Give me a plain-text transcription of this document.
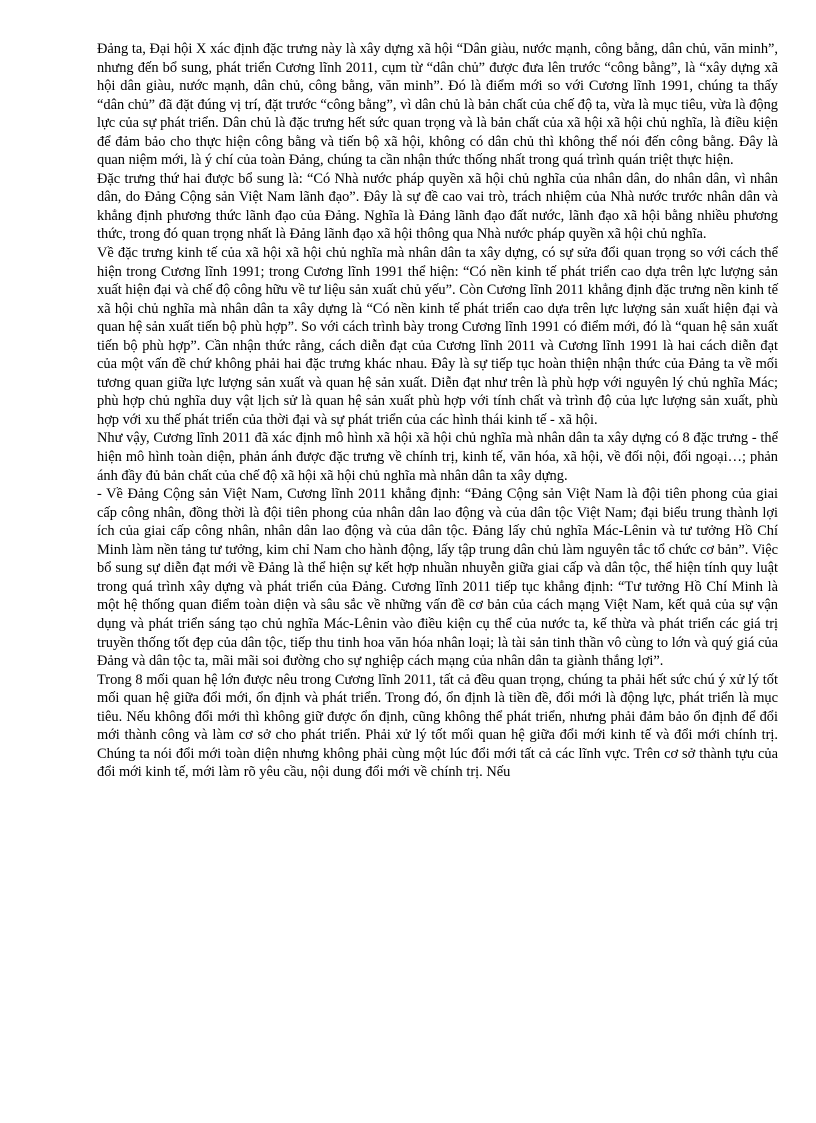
Đảng ta, Đại hội X xác định đặc trưng này là xây dựng xã hội “Dân giàu, nước mạnh, công bằng, dân chủ, văn minh”, nhưng đến bổ sung, phát triển Cương lĩnh 2011, cụm từ “dân chủ” được đưa lên trước “công bằng”, là “xây dựng xã hội dân giàu, nước mạnh, dân chủ, công bằng, văn minh”. Đó là điểm mới so với Cương lĩnh 1991, chúng ta thấy “dân chủ” đã đặt đúng vị trí, đặt trước “công bằng”, vì dân chủ là bản chất của chế độ ta, vừa là mục tiêu, vừa là động lực của sự phát triển. Dân chủ là đặc trưng hết sức quan trọng và là bản chất của xã hội xã hội chủ nghĩa, là điều kiện để đảm bảo cho thực hiện công bằng và tiến bộ xã hội, không có dân chủ thì không thể nói đến công bằng. Đây là quan niệm mới, là ý chí của toàn Đảng, chúng ta cần nhận thức thống nhất trong quá trình quán triệt thực hiện.

Đặc trưng thứ hai được bổ sung là: “Có Nhà nước pháp quyền xã hội chủ nghĩa của nhân dân, do nhân dân, vì nhân dân, do Đảng Cộng sản Việt Nam lãnh đạo”. Đây là sự đề cao vai trò, trách nhiệm của Nhà nước trước nhân dân và khẳng định phương thức lãnh đạo của Đảng. Nghĩa là Đảng lãnh đạo đất nước, lãnh đạo xã hội bằng nhiều phương thức, trong đó quan trọng nhất là Đảng lãnh đạo xã hội thông qua Nhà nước pháp quyền xã hội chủ nghĩa.

Về đặc trưng kinh tế của xã hội xã hội chủ nghĩa mà nhân dân ta xây dựng, có sự sửa đổi quan trọng so với cách thể hiện trong Cương lĩnh 1991; trong Cương lĩnh 1991 thể hiện: “Có nền kinh tế phát triển cao dựa trên lực lượng sản xuất hiện đại và chế độ công hữu về tư liệu sản xuất chủ yếu”. Còn Cương lĩnh 2011 khẳng định đặc trưng nền kinh tế xã hội chủ nghĩa mà nhân dân ta xây dựng là “Có nền kinh tế phát triển cao dựa trên lực lượng sản xuất hiện đại và quan hệ sản xuất tiến bộ phù hợp”. So với cách trình bày trong Cương lĩnh 1991 có điểm mới, đó là “quan hệ sản xuất tiến bộ phù hợp”. Cần nhận thức rằng, cách diễn đạt của Cương lĩnh 2011 và Cương lĩnh 1991 là hai cách diễn đạt của một vấn đề chứ không phải hai đặc trưng khác nhau. Đây là sự tiếp tục hoàn thiện nhận thức của Đảng ta về mối tương quan giữa lực lượng sản xuất và quan hệ sản xuất. Diễn đạt như trên là phù hợp với nguyên lý chủ nghĩa Mác; phù hợp chủ nghĩa duy vật lịch sử là quan hệ sản xuất phù hợp với tính chất và trình độ của lực lượng sản xuất, phù hợp với xu thế phát triển của thời đại và sự phát triển của các hình thái kinh tế - xã hội.

Như vậy, Cương lĩnh 2011 đã xác định mô hình xã hội xã hội chủ nghĩa mà nhân dân ta xây dựng có 8 đặc trưng - thể hiện mô hình toàn diện, phản ánh được đặc trưng về chính trị, kinh tế, văn hóa, xã hội, về đối nội, đối ngoại…; phản ánh đầy đủ bản chất của chế độ xã hội xã hội chủ nghĩa mà nhân dân ta xây dựng.

- Về Đảng Cộng sản Việt Nam, Cương lĩnh 2011 khẳng định: “Đảng Cộng sản Việt Nam là đội tiên phong của giai cấp công nhân, đồng thời là đội tiên phong của nhân dân lao động và của dân tộc Việt Nam; đại biểu trung thành lợi ích của giai cấp công nhân, nhân dân lao động và của dân tộc. Đảng lấy chủ nghĩa Mác-Lênin và tư tưởng Hồ Chí Minh làm nền tảng tư tưởng, kim chỉ Nam cho hành động, lấy tập trung dân chủ làm nguyên tắc tổ chức cơ bản”. Việc bổ sung sự diễn đạt mới về Đảng là thể hiện sự kết hợp nhuần nhuyễn giữa giai cấp và dân tộc, thể hiện tính quy luật trong quá trình xây dựng và phát triển của Đảng. Cương lĩnh 2011 tiếp tục khẳng định: “Tư tưởng Hồ Chí Minh là một hệ thống quan điểm toàn diện và sâu sắc về những vấn đề cơ bản của cách mạng Việt Nam, kết quả của sự vận dụng và phát triển sáng tạo chủ nghĩa Mác-Lênin vào điều kiện cụ thể của nước ta, kế thừa và phát triển các giá trị truyền thống tốt đẹp của dân tộc, tiếp thu tinh hoa văn hóa nhân loại; là tài sản tinh thần vô cùng to lớn và quý giá của Đảng và dân tộc ta, mãi mãi soi đường cho sự nghiệp cách mạng của nhân dân ta giành thắng lợi”.

Trong 8 mối quan hệ lớn được nêu trong Cương lĩnh 2011, tất cả đều quan trọng, chúng ta phải hết sức chú ý xử lý tốt mối quan hệ giữa đổi mới, ổn định và phát triển. Trong đó, ổn định là tiền đề, đổi mới là động lực, phát triển là mục tiêu. Nếu không đổi mới thì không giữ được ổn định, cũng không thể phát triển, nhưng phải đảm bảo ổn định để đổi mới thành công và làm cơ sở cho phát triển. Phải xử lý tốt mối quan hệ giữa đổi mới kinh tế và đổi mới chính trị. Chúng ta nói đổi mới toàn diện nhưng không phải cùng một lúc đổi mới tất cả các lĩnh vực. Trên cơ sở thành tựu của đổi mới kinh tế, mới làm rõ yêu cầu, nội dung đổi mới về chính trị. Nếu
